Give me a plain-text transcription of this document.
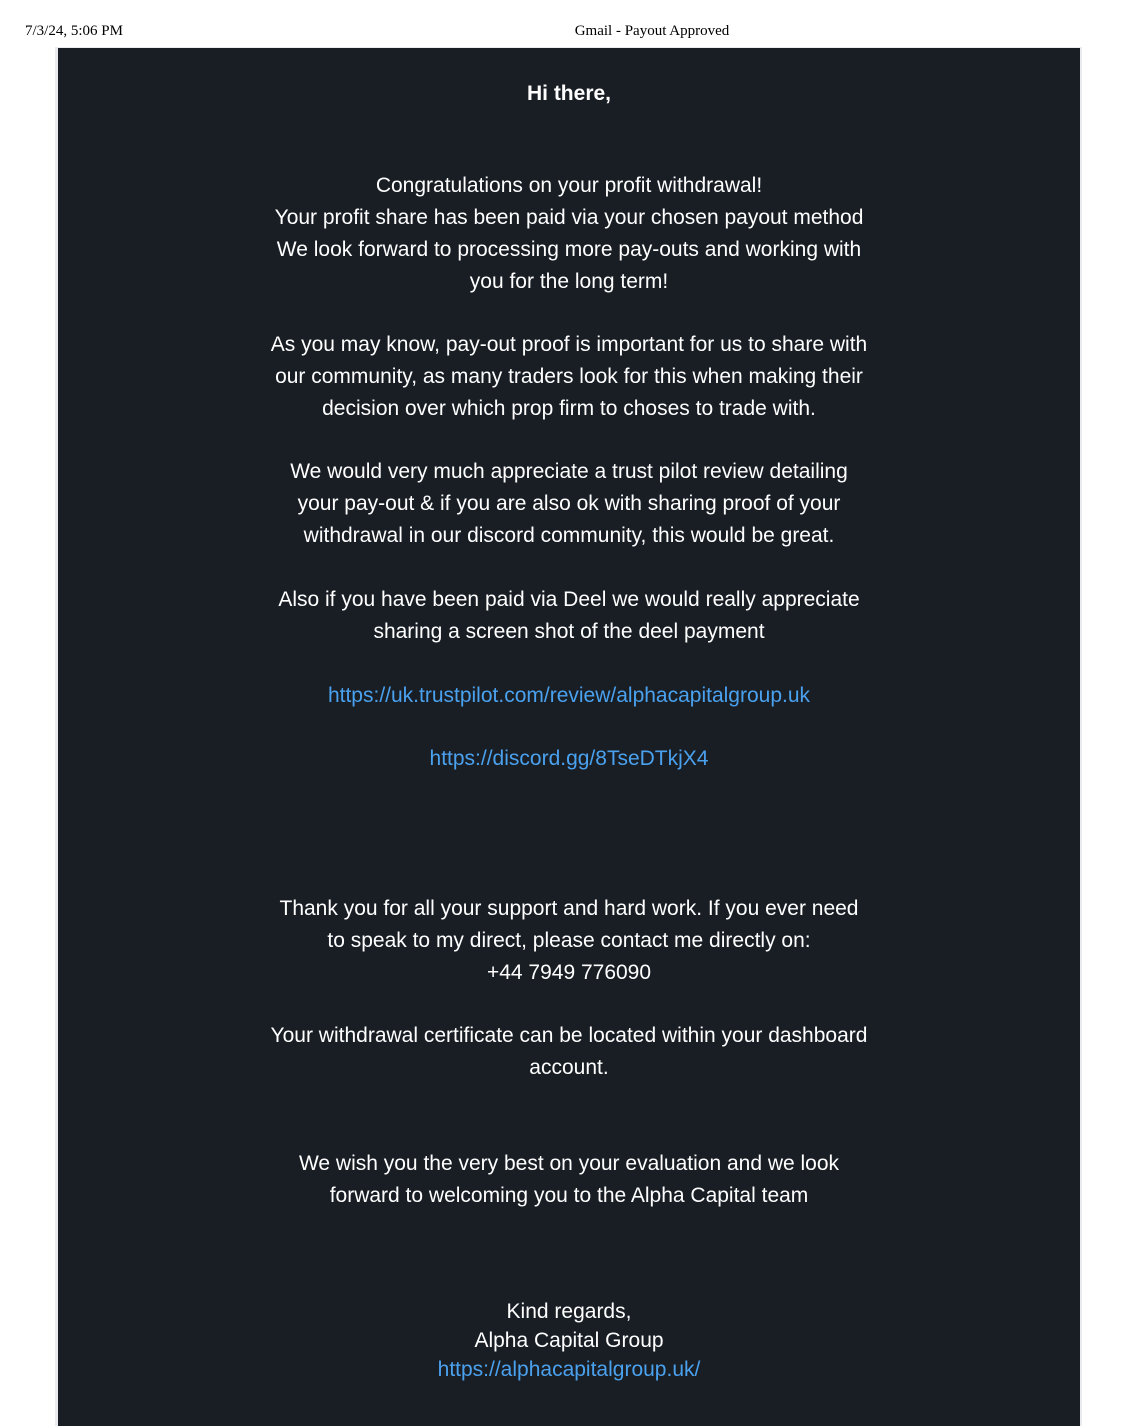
7/3/24, 5:06 PM	Gmail - Payout Approved
Hi there,
Congratulations on your profit withdrawal!
Your profit share has been paid via your chosen payout method
We look forward to processing more pay-outs and working with you for the long term!
As you may know, pay-out proof is important for us to share with our community, as many traders look for this when making their decision over which prop firm to choses to trade with.
We would very much appreciate a trust pilot review detailing your pay-out & if you are also ok with sharing proof of your withdrawal in our discord community, this would be great.
Also if you have been paid via Deel we would really appreciate sharing a screen shot of the deel payment
https://uk.trustpilot.com/review/alphacapitalgroup.uk
https://discord.gg/8TseDTkjX4
Thank you for all your support and hard work. If you ever need to speak to my direct, please contact me directly on:
+44 7949 776090
Your withdrawal certificate can be located within your dashboard account.
We wish you the very best on your evaluation and we look forward to welcoming you to the Alpha Capital team
Kind regards,
Alpha Capital Group
https://alphacapitalgroup.uk/
